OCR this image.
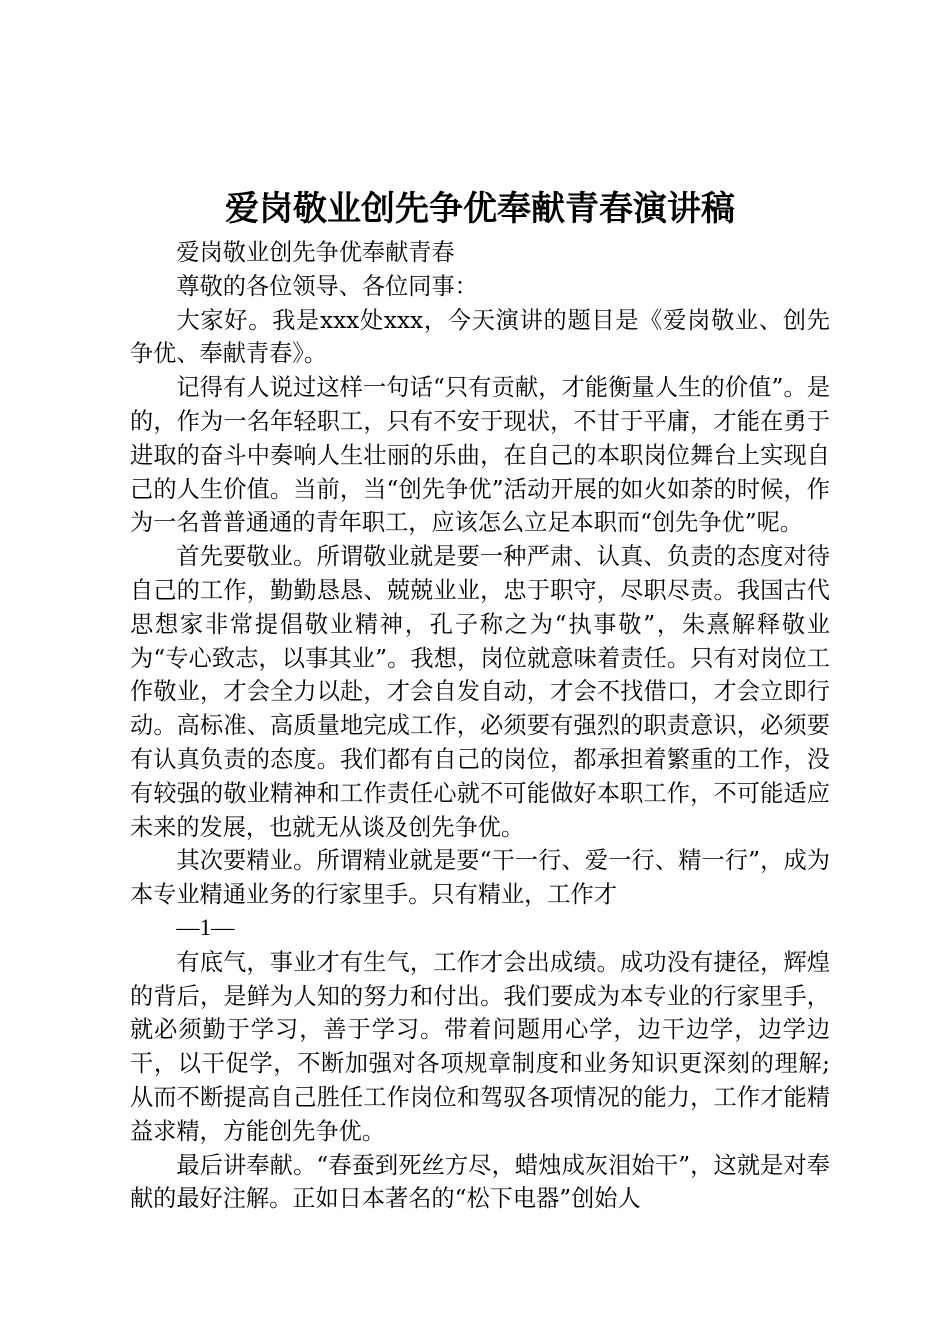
爱岗敬业创先争优奉献青春演讲稿

爱岗敬业创先争优奉献青春

尊敬的各位领导、各位同事：

大家好。我是xxx处xxx，今天演讲的题目是《爱岗敬业、创先争优、奉献青春》。

记得有人说过这样一句话“只有贡献，才能衡量人生的价值”。是的，作为一名年轻职工，只有不安于现状，不甘于平庸，才能在勇于进取的奋斗中奏响人生壮丽的乐曲，在自己的本职岗位舞台上实现自己的人生价值。当前，当“创先争优”活动开展的如火如荼的时候，作为一名普普通通的青年职工，应该怎么立足本职而“创先争优”呢。

首先要敬业。所谓敬业就是要一种严肃、认真、负责的态度对待自己的工作，勤勤恳恳、兢兢业业，忠于职守，尽职尽责。我国古代思想家非常提倡敬业精神，孔子称之为“执事敬”，朱熹解释敬业为“专心致志，以事其业”。我想，岗位就意味着责任。只有对岗位工作敬业，才会全力以赴，才会自发自动，才会不找借口，才会立即行动。高标准、高质量地完成工作，必须要有强烈的职责意识，必须要有认真负责的态度。我们都有自己的岗位，都承担着繁重的工作，没有较强的敬业精神和工作责任心就不可能做好本职工作，不可能适应未来的发展，也就无从谈及创先争优。

其次要精业。所谓精业就是要“干一行、爱一行、精一行”，成为本专业精通业务的行家里手。只有精业，工作才

—1—

有底气，事业才有生气，工作才会出成绩。成功没有捷径，辉煌的背后，是鲜为人知的努力和付出。我们要成为本专业的行家里手，就必须勤于学习，善于学习。带着问题用心学，边干边学，边学边干，以干促学，不断加强对各项规章制度和业务知识更深刻的理解;从而不断提高自己胜任工作岗位和驾驭各项情况的能力，工作才能精益求精，方能创先争优。

最后讲奉献。“春蚕到死丝方尽，蜡烛成灰泪始干”，这就是对奉献的最好注解。正如日本著名的“松下电器”创始人
